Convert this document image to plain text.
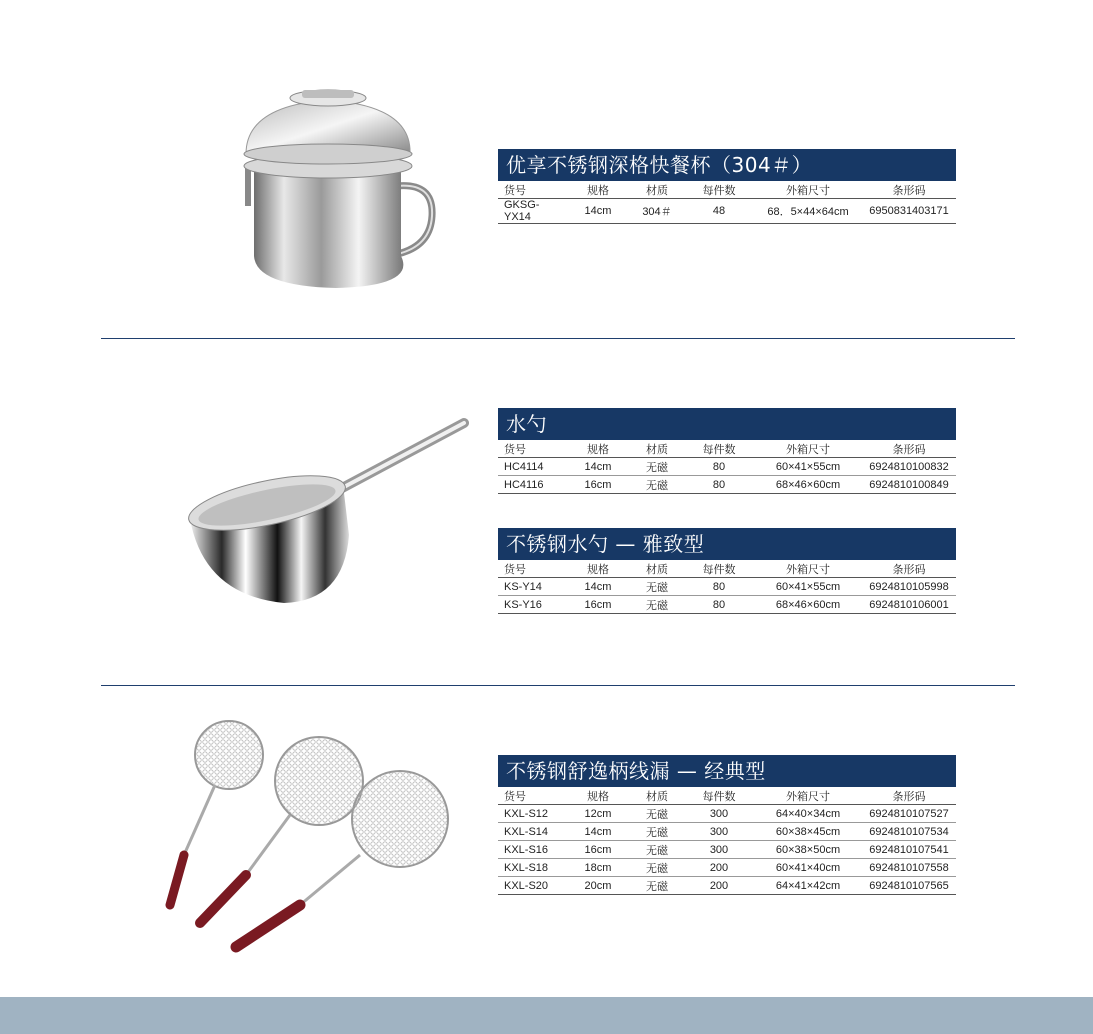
优享不锈钢深格快餐杯（304＃）
货号	规格	材质	每件数	外箱尺寸	条形码
GKSG-YX14	14cm	304＃	48	68．5×44×64cm	6950831403171
水勺
货号	规格	材质	每件数	外箱尺寸	条形码
HC4114	14cm	无磁	80	60×41×55cm	6924810100832
HC4116	16cm	无磁	80	68×46×60cm	6924810100849
不锈钢水勺 — 雅致型
货号	规格	材质	每件数	外箱尺寸	条形码
KS-Y14	14cm	无磁	80	60×41×55cm	6924810105998
KS-Y16	16cm	无磁	80	68×46×60cm	6924810106001
不锈钢舒逸柄线漏 — 经典型
货号	规格	材质	每件数	外箱尺寸	条形码
KXL-S12	12cm	无磁	300	64×40×34cm	6924810107527
KXL-S14	14cm	无磁	300	60×38×45cm	6924810107534
KXL-S16	16cm	无磁	300	60×38×50cm	6924810107541
KXL-S18	18cm	无磁	200	60×41×40cm	6924810107558
KXL-S20	20cm	无磁	200	64×41×42cm	6924810107565
